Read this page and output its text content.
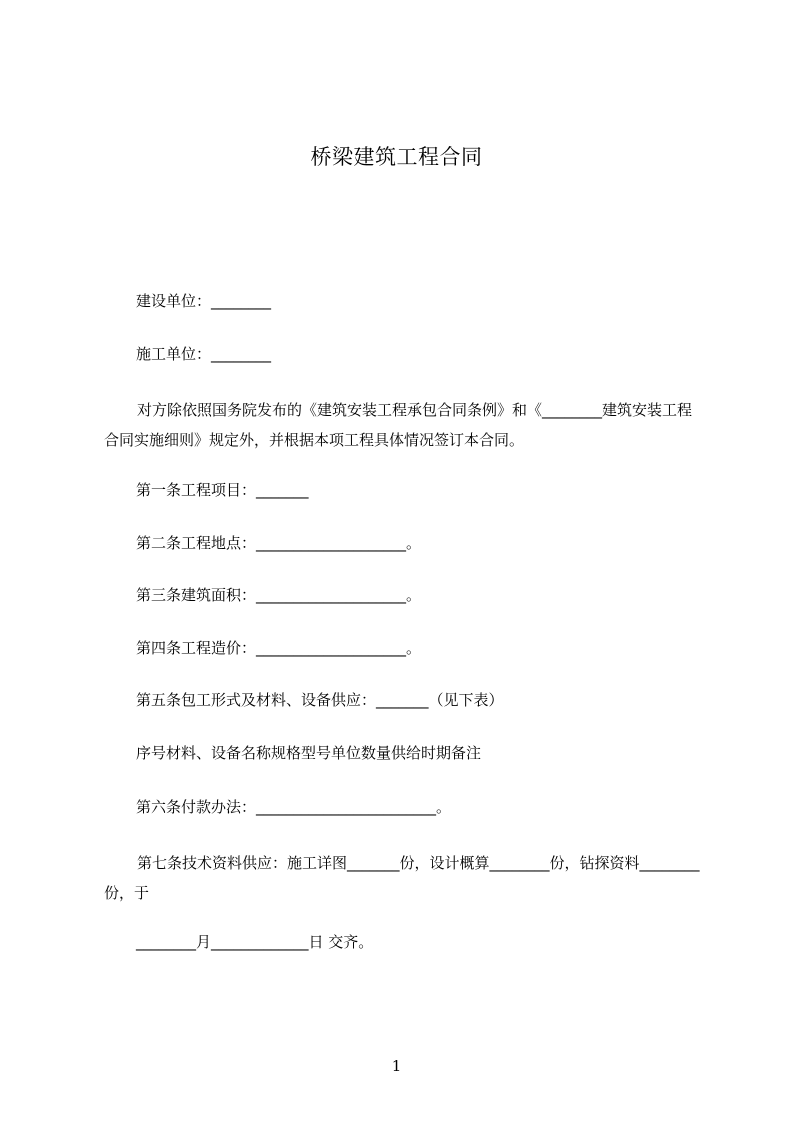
桥梁建筑工程合同

建设单位：________

施工单位：________

对方除依照国务院发布的《建筑安装工程承包合同条例》和《________建筑安装工程合同实施细则》规定外，并根据本项工程具体情况签订本合同。

第一条工程项目：_______

第二条工程地点：____________________。

第三条建筑面积：____________________。

第四条工程造价：____________________。

第五条包工形式及材料、设备供应：_______（见下表）

序号材料、设备名称规格型号单位数量供给时期备注

第六条付款办法：________________________。

第七条技术资料供应：施工详图_______份，设计概算________份，钻探资料________份，于

________月_____________日 交齐。

1
